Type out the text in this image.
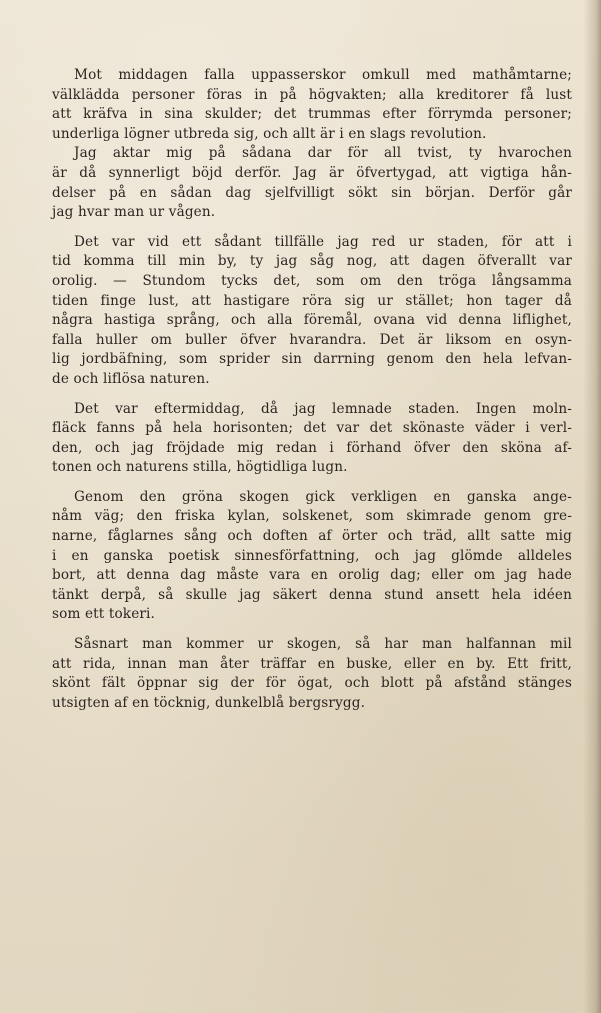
Mot middagen falla uppasserskor omkull med mathåmtarne;
välklädda personer föras in på högvakten; alla kreditorer få lust
att kräfva in sina skulder; det trummas efter förrymda personer;
underliga lögner utbreda sig, och allt är i en slags revolution.
Jag aktar mig på sådana dar för all tvist, ty hvarochen
är då synnerligt böjd derför. Jag är öfvertygad, att vigtiga hån-
delser på en sådan dag sjelfvilligt sökt sin början. Derför går
jag hvar man ur vågen.
Det var vid ett sådant tillfälle jag red ur staden, för att i
tid komma till min by, ty jag såg nog, att dagen öfverallt var
orolig. — Stundom tycks det, som om den tröga långsamma
tiden finge lust, att hastigare röra sig ur stället; hon tager då
några hastiga språng, och alla föremål, ovana vid denna liflighet,
falla huller om buller öfver hvarandra. Det är liksom en osyn-
lig jordbäfning, som sprider sin darrning genom den hela lefvan-
de och liflösa naturen.
Det var eftermiddag, då jag lemnade staden. Ingen moln-
fläck fanns på hela horisonten; det var det skönaste väder i verl-
den, och jag fröjdade mig redan i förhand öfver den sköna af-
tonen och naturens stilla, högtidliga lugn.
Genom den gröna skogen gick verkligen en ganska ange-
nåm väg; den friska kylan, solskenet, som skimrade genom gre-
narne, fåglarnes sång och doften af örter och träd, allt satte mig
i en ganska poetisk sinnesförfattning, och jag glömde alldeles
bort, att denna dag måste vara en orolig dag; eller om jag hade
tänkt derpå, så skulle jag säkert denna stund ansett hela idéen
som ett tokeri.
Såsnart man kommer ur skogen, så har man halfannan mil
att rida, innan man åter träffar en buske, eller en by. Ett fritt,
skönt fält öppnar sig der för ögat, och blott på afstånd stänges
utsigten af en töcknig, dunkelblå bergsrygg.
